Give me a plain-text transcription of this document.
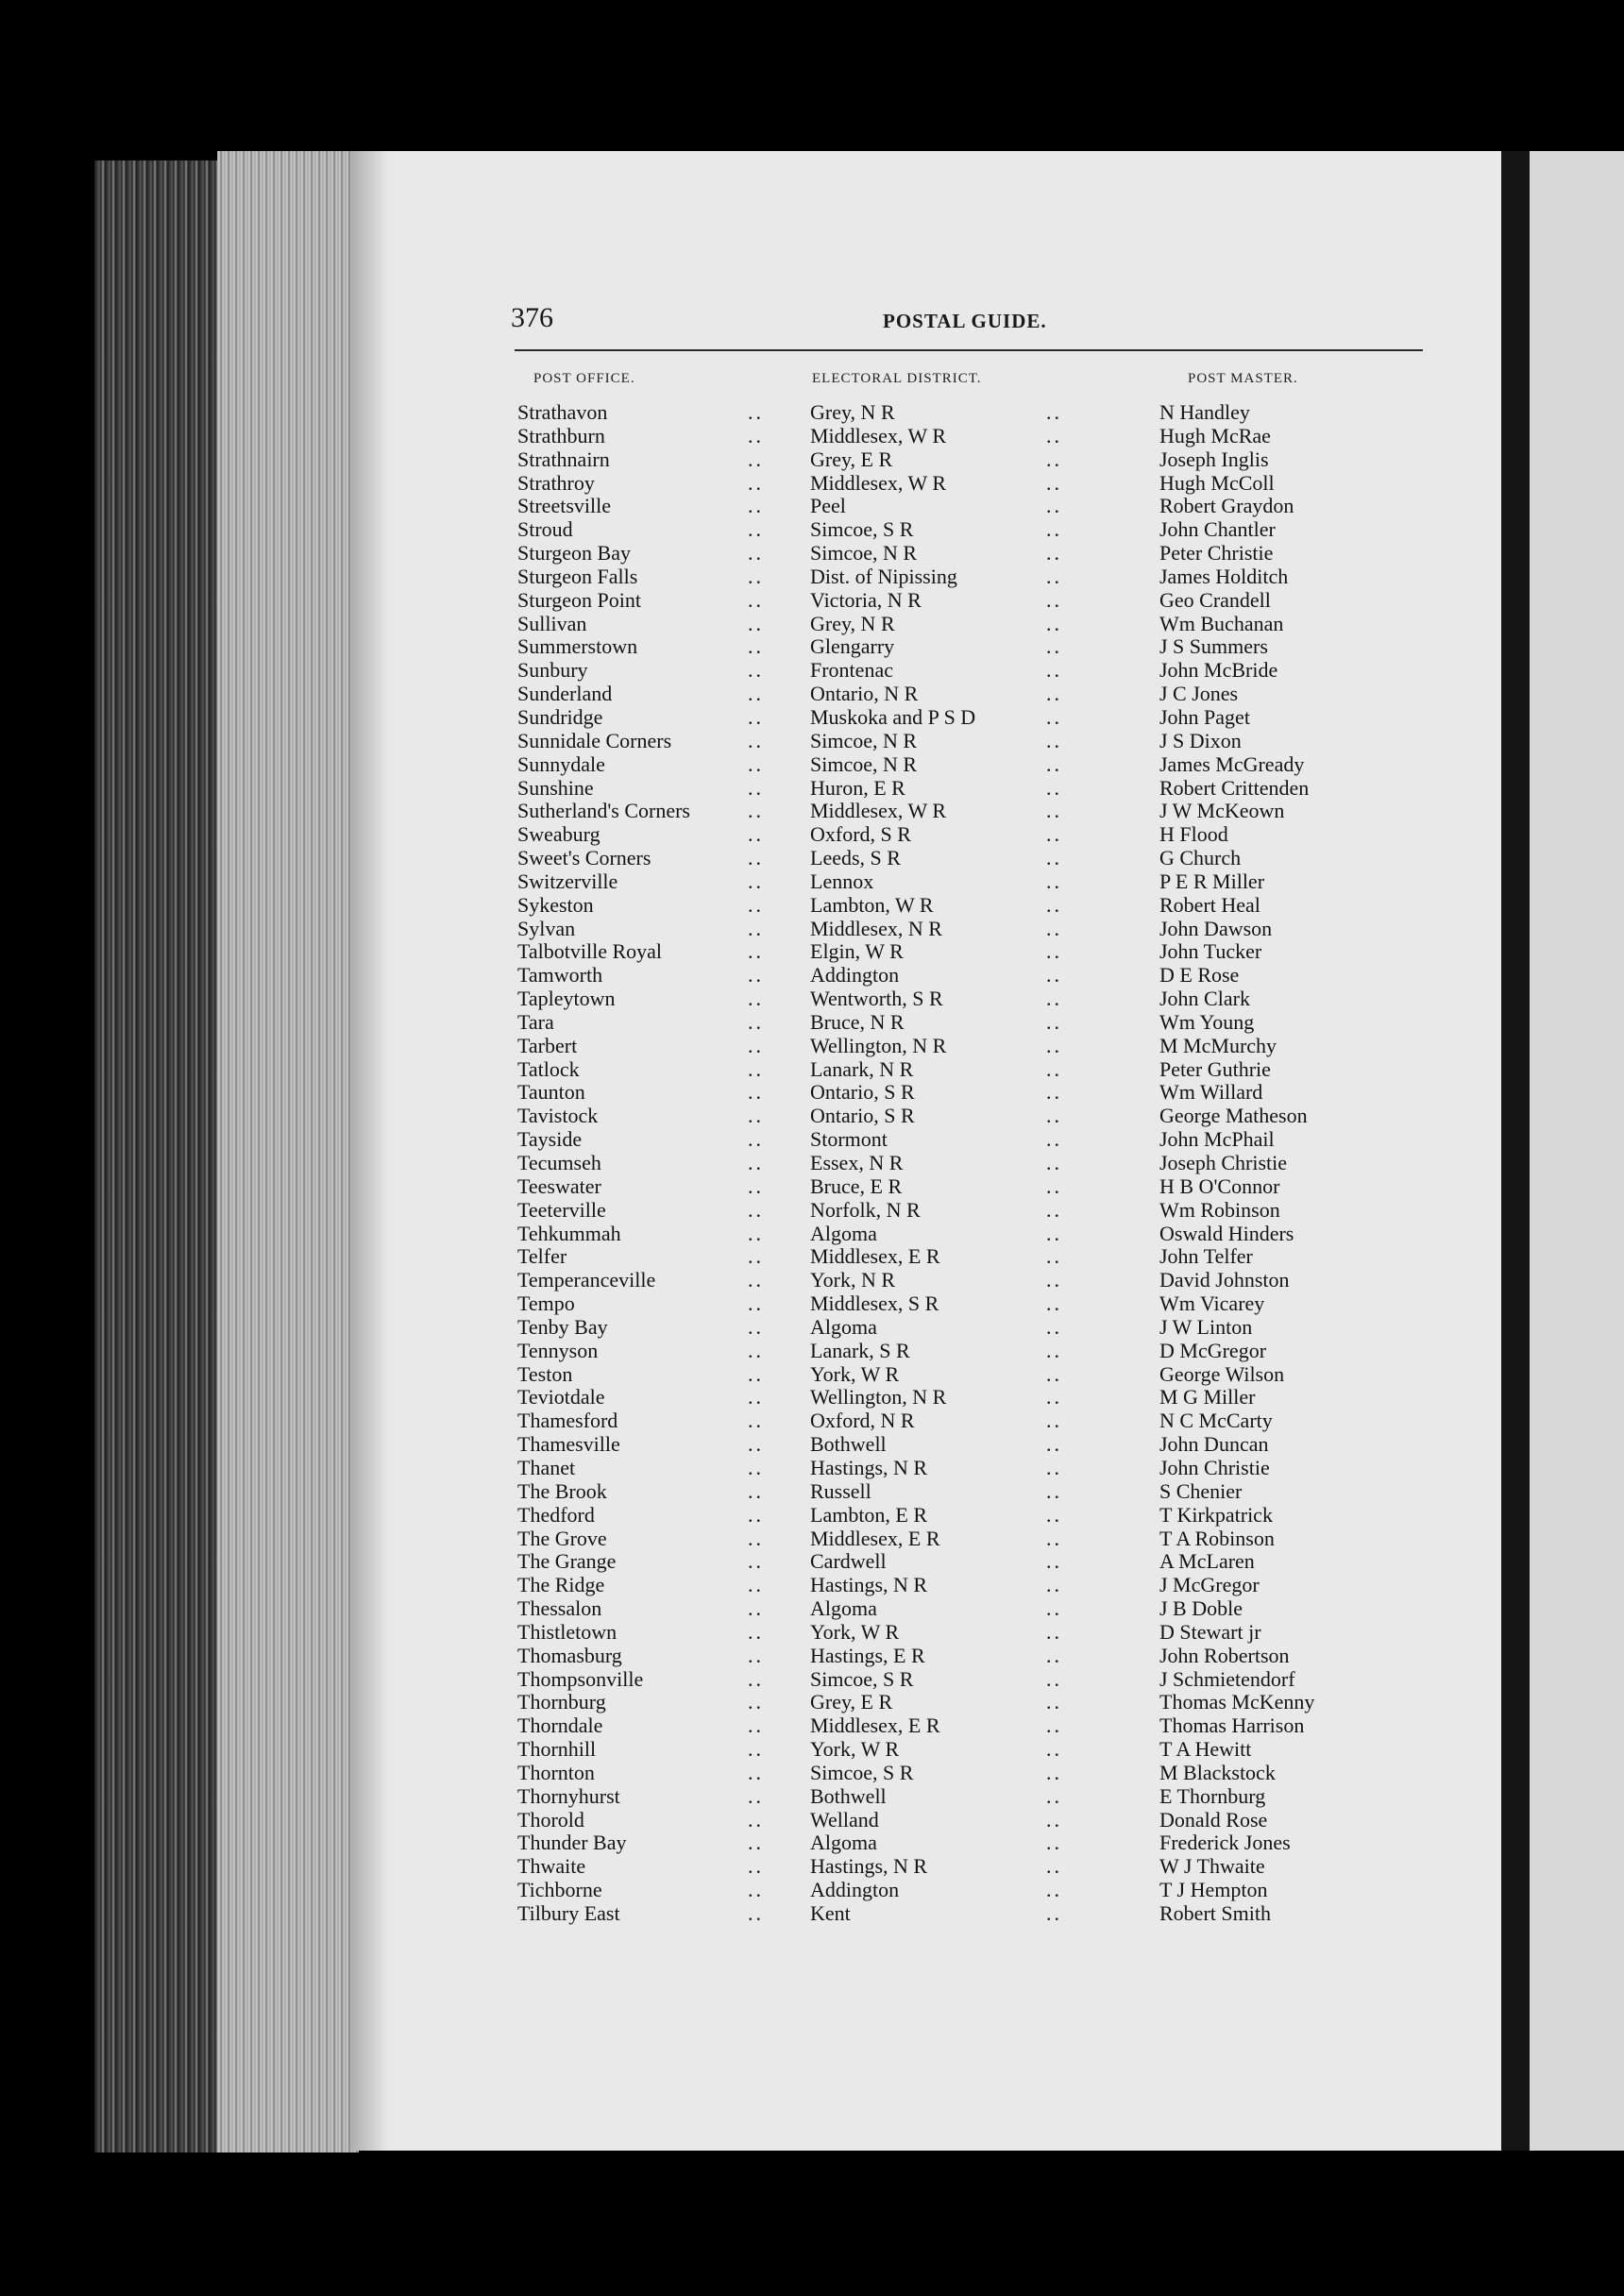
376	POSTAL GUIDE.
POST OFFICE.	ELECTORAL DISTRICT.	POST MASTER.
Strathavon	.. Grey, N R	..	N Handley
Strathburn	.. Middlesex, W R	..	Hugh McRae
Strathnairn	.. Grey, E R	..	Joseph Inglis
Strathroy	.. Middlesex, W R	..	Hugh McColl
Streetsville	.. Peel	..	Robert Graydon
Stroud	.. Simcoe, S R	..	John Chantler
Sturgeon Bay	.. Simcoe, N R	..	Peter Christie
Sturgeon Falls	.. Dist. of Nipissing	..	James Holditch
Sturgeon Point	.. Victoria, N R	..	Geo Crandell
Sullivan	.. Grey, N R	..	Wm Buchanan
Summerstown	.. Glengarry	..	J S Summers
Sunbury	.. Frontenac	..	John McBride
Sunderland	.. Ontario, N R	..	J C Jones
Sundridge	.. Muskoka and P S D	..	John Paget
Sunnidale Corners	.. Simcoe, N R	..	J S Dixon
Sunnydale	.. Simcoe, N R	..	James McGready
Sunshine	.. Huron, E R	..	Robert Crittenden
Sutherland's Corners	.. Middlesex, W R	..	J W McKeown
Sweaburg	.. Oxford, S R	..	H Flood
Sweet's Corners	.. Leeds, S R	..	G Church
Switzerville	.. Lennox	..	P E R Miller
Sykeston	.. Lambton, W R	..	Robert Heal
Sylvan	.. Middlesex, N R	..	John Dawson
Talbotville Royal	.. Elgin, W R	..	John Tucker
Tamworth	.. Addington	..	D E Rose
Tapleytown	.. Wentworth, S R	..	John Clark
Tara	.. Bruce, N R	..	Wm Young
Tarbert	.. Wellington, N R	..	M McMurchy
Tatlock	.. Lanark, N R	..	Peter Guthrie
Taunton	.. Ontario, S R	..	Wm Willard
Tavistock	.. Ontario, S R	..	George Matheson
Tayside	.. Stormont	..	John McPhail
Tecumseh	.. Essex, N R	..	Joseph Christie
Teeswater	.. Bruce, E R	..	H B O'Connor
Teeterville	.. Norfolk, N R	..	Wm Robinson
Tehkummah	.. Algoma	..	Oswald Hinders
Telfer	.. Middlesex, E R	..	John Telfer
Temperanceville	.. York, N R	..	David Johnston
Tempo	.. Middlesex, S R	..	Wm Vicarey
Tenby Bay	.. Algoma	..	J W Linton
Tennyson	.. Lanark, S R	..	D McGregor
Teston	.. York, W R	..	George Wilson
Teviotdale	.. Wellington, N R	..	M G Miller
Thamesford	.. Oxford, N R	..	N C McCarty
Thamesville	.. Bothwell	..	John Duncan
Thanet	.. Hastings, N R	..	John Christie
The Brook	.. Russell	..	S Chenier
Thedford	.. Lambton, E R	..	T Kirkpatrick
The Grove	.. Middlesex, E R	..	T A Robinson
The Grange	.. Cardwell	..	A McLaren
The Ridge	.. Hastings, N R	..	J McGregor
Thessalon	.. Algoma	..	J B Doble
Thistletown	.. York, W R	..	D Stewart jr
Thomasburg	.. Hastings, E R	..	John Robertson
Thompsonville	.. Simcoe, S R	..	J Schmietendorf
Thornburg	.. Grey, E R	..	Thomas McKenny
Thorndale	.. Middlesex, E R	..	Thomas Harrison
Thornhill	.. York, W R	..	T A Hewitt
Thornton	.. Simcoe, S R	..	M Blackstock
Thornyhurst	.. Bothwell	..	E Thornburg
Thorold	.. Welland	..	Donald Rose
Thunder Bay	.. Algoma	..	Frederick Jones
Thwaite	.. Hastings, N R	..	W J Thwaite
Tichborne	.. Addington	..	T J Hempton
Tilbury East	.. Kent	..	Robert Smith
